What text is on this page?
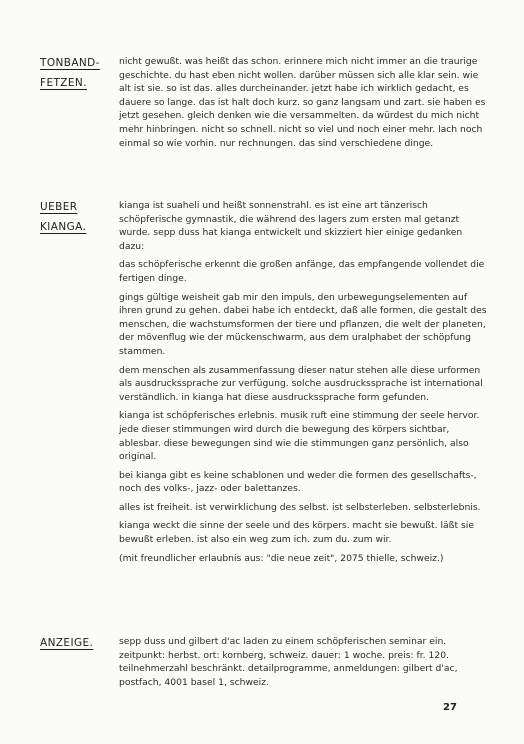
TONBAND-
FETZEN.

nicht gewußt. was heißt das schon. erinnere mich nicht immer an die traurige geschichte. du hast eben nicht wollen. darüber müssen sich alle klar sein. wie alt ist sie. so ist das. alles durcheinander. jetzt habe ich wirklich gedacht, es dauere so lange. das ist halt doch kurz. so ganz langsam und zart. sie haben es jetzt gesehen. gleich denken wie die versammelten. da würdest du mich nicht mehr hinbringen. nicht so schnell. nicht so viel und noch einer mehr. lach noch einmal so wie vorhin. nur rechnungen. das sind verschiedene dinge.

UEBER
KIANGA.

kianga ist suaheli und heißt sonnenstrahl. es ist eine art tänzerisch schöpferische gymnastik, die während des lagers zum ersten mal getanzt wurde. sepp duss hat kianga entwickelt und skizziert hier einige gedanken dazu:

das schöpferische erkennt die großen anfänge, das empfangende vollendet die fertigen dinge.

gings gültige weisheit gab mir den impuls, den urbewegungselementen auf ihren grund zu gehen. dabei habe ich entdeckt, daß alle formen, die gestalt des menschen, die wachstumsformen der tiere und pflanzen, die welt der planeten, der mövenflug wie der mückenschwarm, aus dem uralphabet der schöpfung stammen.

dem menschen als zusammenfassung dieser natur stehen alle diese urformen als ausdruckssprache zur verfügung. solche ausdruckssprache ist international verständlich. in kianga hat diese ausdruckssprache form gefunden.

kianga ist schöpferisches erlebnis. musik ruft eine stimmung der seele hervor. jede dieser stimmungen wird durch die bewegung des körpers sichtbar, ablesbar. diese bewegungen sind wie die stimmungen ganz persönlich, also original.

bei kianga gibt es keine schablonen und weder die formen des gesellschafts-, noch des volks-, jazz- oder balettanzes.

alles ist freiheit. ist verwirklichung des selbst. ist selbsterleben. selbsterlebnis.

kianga weckt die sinne der seele und des körpers. macht sie bewußt. läßt sie bewußt erleben. ist also ein weg zum ich. zum du. zum wir.

(mit freundlicher erlaubnis aus: "die neue zeit", 2075 thielle, schweiz.)

ANZEIGE.	sepp duss und gilbert d'ac laden zu einem schöpferischen seminar ein. zeitpunkt: herbst. ort: kornberg, schweiz. dauer: 1 woche. preis: fr. 120. teilnehmerzahl beschränkt. detailprogramme, anmeldungen: gilbert d'ac, postfach, 4001 basel 1, schweiz.

27
